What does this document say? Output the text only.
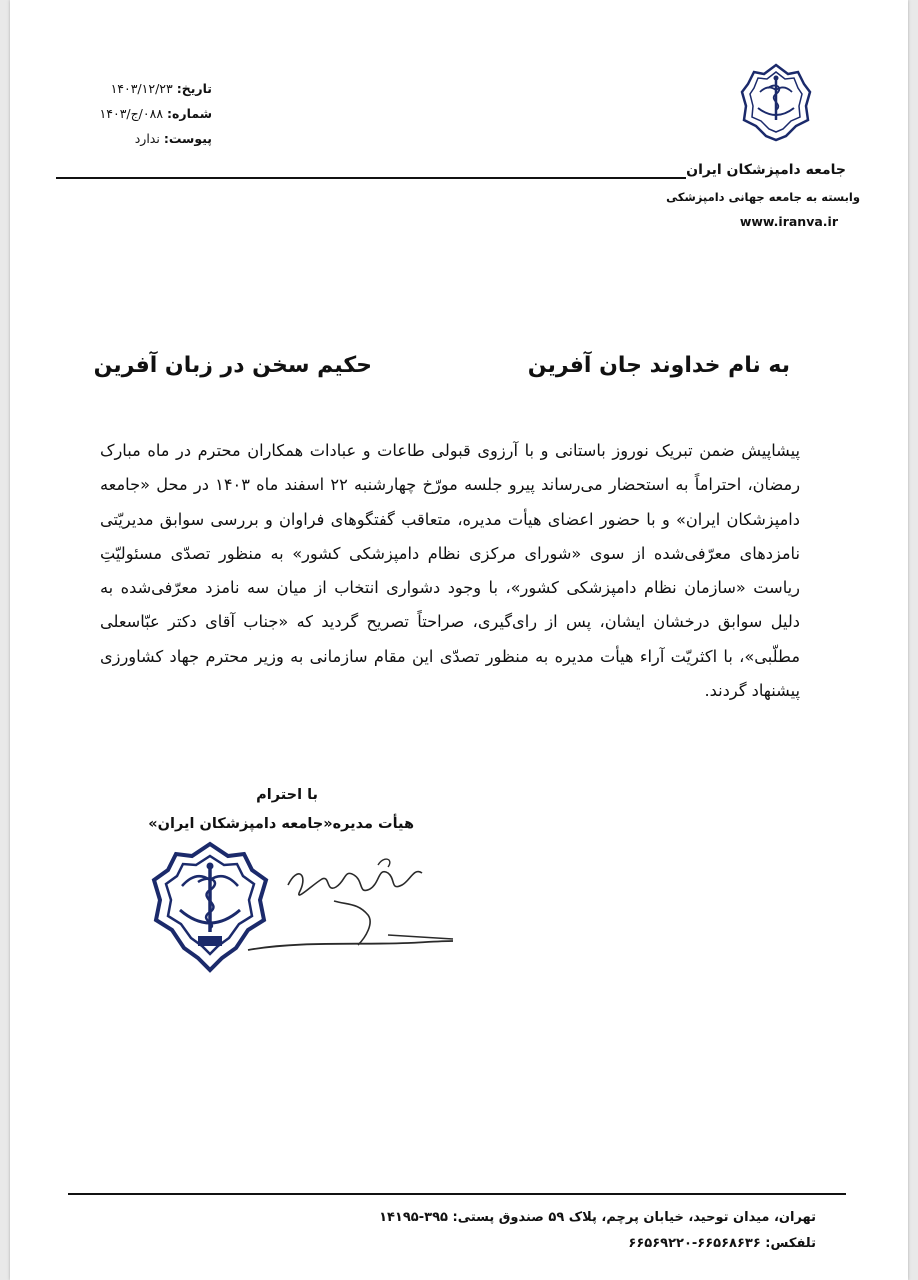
تاریخ: ۱۴۰۳/۱۲/۲۳
شماره: ۰۸۸/ج/۱۴۰۳
پیوست: ندارد
جامعه دامپزشکان ایران
وابسته به جامعه جهانی دامپزشکی
www.iranva.ir
به نام خداوند جان آفرین
حکیم سخن در زبان آفرین
پیشاپیش ضمن تبریک نوروز باستانی و با آرزوی قبولی طاعات و عبادات همکاران محترم در ماه مبارک رمضان، احتراماً به استحضار می‌رساند پیرو جلسه مورّخ چهارشنبه ۲۲ اسفند ماه ۱۴۰۳ در محل «جامعه دامپزشکان ایران» و با حضور اعضای هیأت مدیره، متعاقب گفتگوهای فراوان و بررسی سوابق مدیریّتی نامزدهای معرّفی‌شده از سوی «شورای مرکزی نظام دامپزشکی کشور» به منظور تصدّی مسئولیّتِ ریاست «سازمان نظام دامپزشکی کشور»، با وجود دشواری انتخاب از میان سه نامزد معرّفی‌شده به دلیل سوابق درخشان ایشان، پس از رای‌گیری، صراحتاً تصریح گردید که «جناب آقای دکتر عبّاسعلی مطلّبی»، با اکثریّت آراء هیأت مدیره به منظور تصدّی این مقام سازمانی به وزیر محترم جهاد کشاورزی پیشنهاد گردند.
با احترام
هیأت مدیره«جامعه دامپزشکان ایران»
تهران، میدان توحید، خیابان پرچم، پلاک ۵۹ صندوق پستی: ۳۹۵-۱۴۱۹۵
تلفکس: ۶۶۵۶۸۶۳۶-۶۶۵۶۹۲۲۰
